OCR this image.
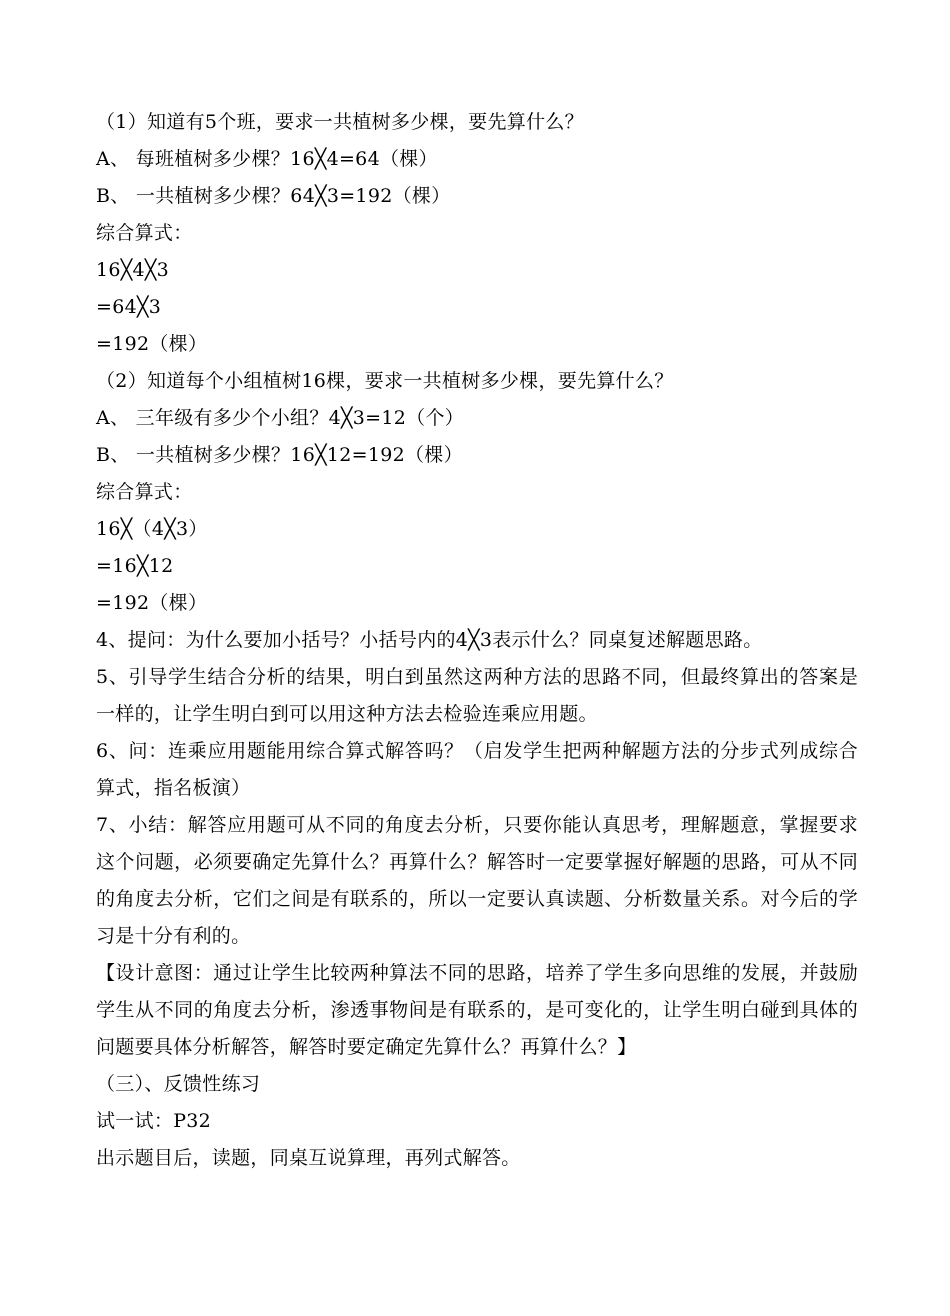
（1）知道有5个班，要求一共植树多少棵，要先算什么？
A、 每班植树多少棵？16╳4=64（棵）
B、 一共植树多少棵？64╳3=192（棵）
综合算式：
16╳4╳3
=64╳3
=192（棵）
（2）知道每个小组植树16棵，要求一共植树多少棵，要先算什么？
A、 三年级有多少个小组？4╳3=12（个）
B、 一共植树多少棵？16╳12=192（棵）
综合算式：
16╳（4╳3）
=16╳12
=192（棵）
4、提问：为什么要加小括号？小括号内的4╳3表示什么？同桌复述解题思路。
5、引导学生结合分析的结果，明白到虽然这两种方法的思路不同，但最终算出的答案是一样的，让学生明白到可以用这种方法去检验连乘应用题。
6、问：连乘应用题能用综合算式解答吗？（启发学生把两种解题方法的分步式列成综合算式，指名板演）
7、小结：解答应用题可从不同的角度去分析，只要你能认真思考，理解题意，掌握要求这个问题，必须要确定先算什么？再算什么？解答时一定要掌握好解题的思路，可从不同的角度去分析，它们之间是有联系的，所以一定要认真读题、分析数量关系。对今后的学习是十分有利的。
【设计意图：通过让学生比较两种算法不同的思路，培养了学生多向思维的发展，并鼓励学生从不同的角度去分析，渗透事物间是有联系的，是可变化的，让学生明白碰到具体的问题要具体分析解答，解答时要定确定先算什么？再算什么？】
（三）、反馈性练习
试一试：P32
出示题目后，读题，同桌互说算理，再列式解答。
